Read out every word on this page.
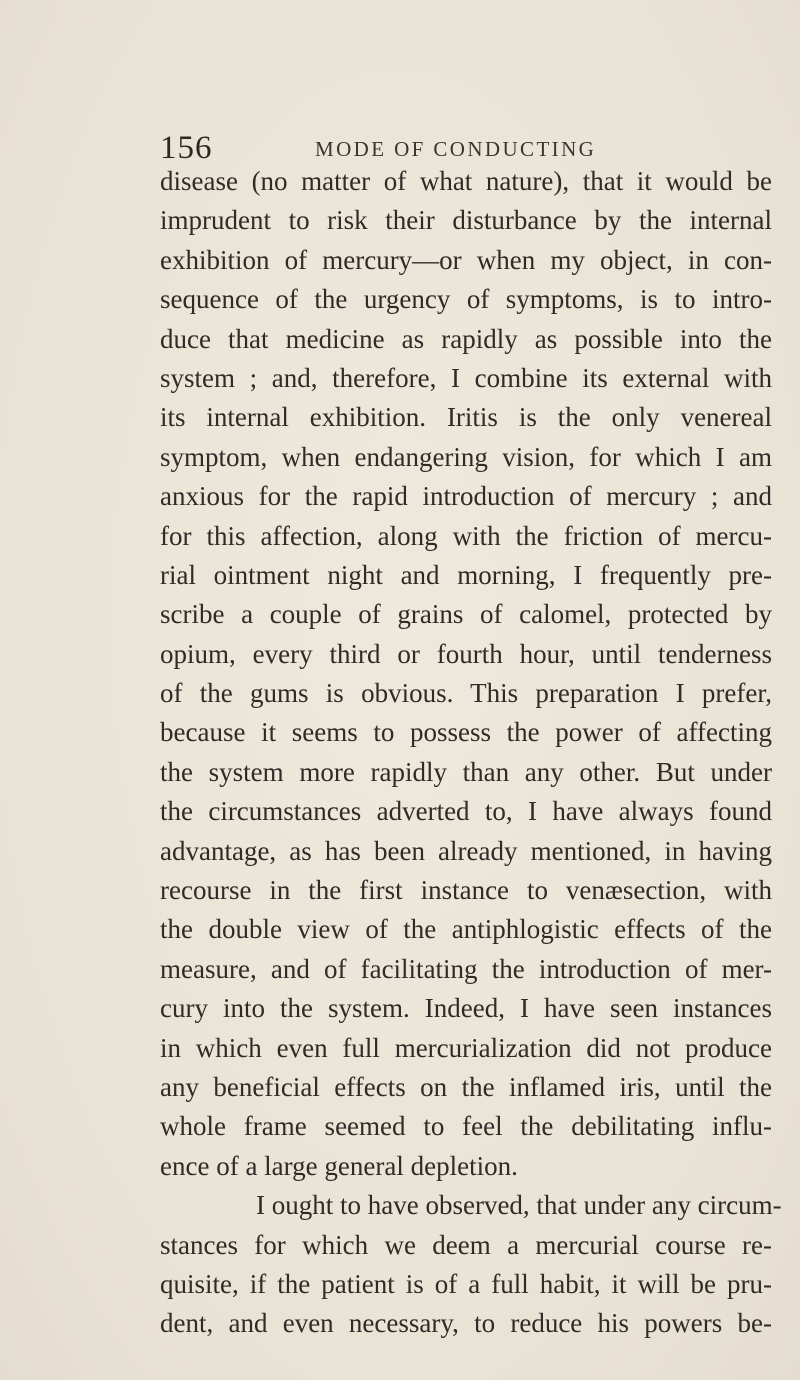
156	MODE OF CONDUCTING
disease (no matter of what nature), that it would be
imprudent to risk their disturbance by the internal
exhibition of mercury—or when my object, in con-
sequence of the urgency of symptoms, is to intro-
duce that medicine as rapidly as possible into the
system ; and, therefore, I combine its external with
its internal exhibition. Iritis is the only venereal
symptom, when endangering vision, for which I am
anxious for the rapid introduction of mercury ; and
for this affection, along with the friction of mercu-
rial ointment night and morning, I frequently pre-
scribe a couple of grains of calomel, protected by
opium, every third or fourth hour, until tenderness
of the gums is obvious. This preparation I prefer,
because it seems to possess the power of affecting
the system more rapidly than any other. But under
the circumstances adverted to, I have always found
advantage, as has been already mentioned, in having
recourse in the first instance to venæsection, with
the double view of the antiphlogistic effects of the
measure, and of facilitating the introduction of mer-
cury into the system. Indeed, I have seen instances
in which even full mercurialization did not produce
any beneficial effects on the inflamed iris, until the
whole frame seemed to feel the debilitating influ-
ence of a large general depletion.
I ought to have observed, that under any circum-
stances for which we deem a mercurial course re-
quisite, if the patient is of a full habit, it will be pru-
dent, and even necessary, to reduce his powers be-
